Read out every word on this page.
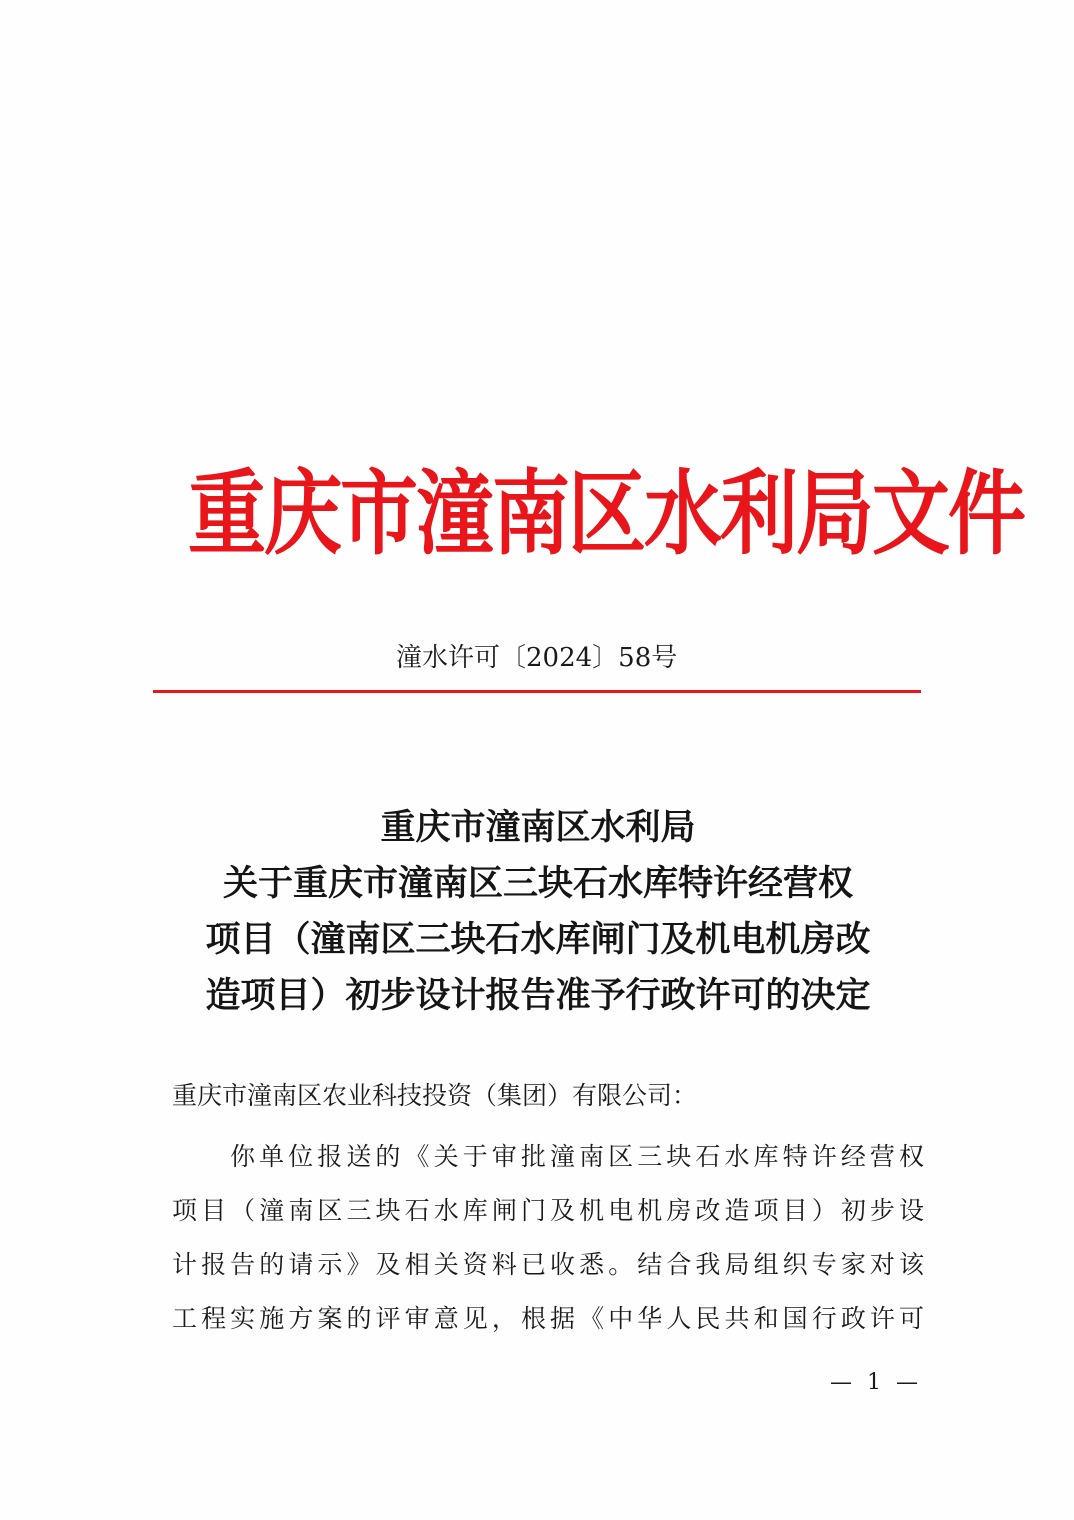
重庆市潼南区水利局文件
潼水许可〔2024〕58号
重庆市潼南区水利局
关于重庆市潼南区三块石水库特许经营权
项目（潼南区三块石水库闸门及机电机房改
造项目）初步设计报告准予行政许可的决定
重庆市潼南区农业科技投资（集团）有限公司：
你单位报送的《关于审批潼南区三块石水库特许经营权
项目（潼南区三块石水库闸门及机电机房改造项目）初步设
计报告的请示》及相关资料已收悉。结合我局组织专家对该
工程实施方案的评审意见，根据《中华人民共和国行政许可
— 1 —
